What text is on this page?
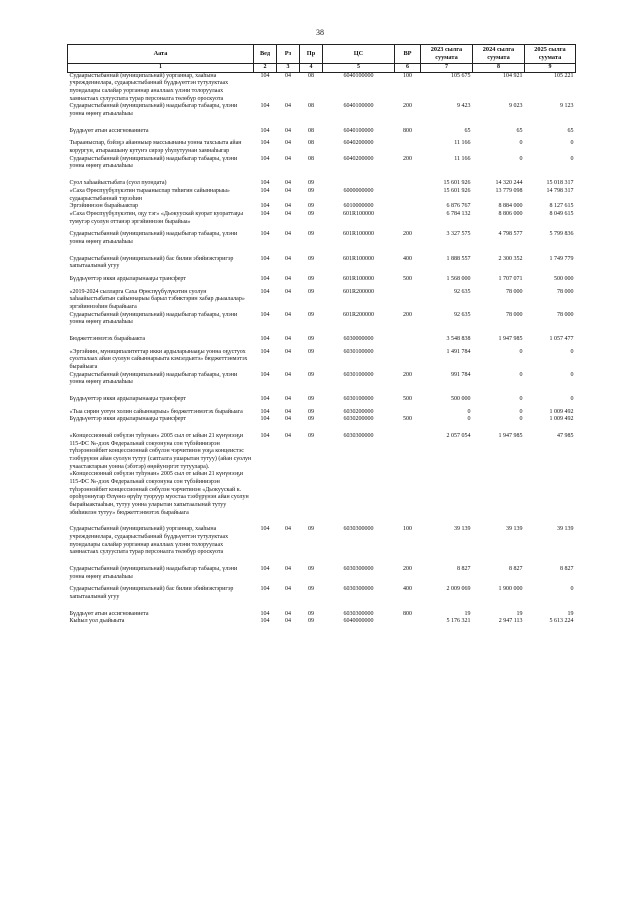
38
Аата	Вед	Рз	Пр	ЦС	ВР	2023 сылга суумата	2024 сылга суумата	2025 сылга суумата
1	2	3	4	5	6	7	8	9
Судаарыстыбаннай (муниципальнай) уорганнар, хааһына учреждениелара, судаарыстыбаннай бүддьүөттэн тутулуктаах пуондалары салайар уорганнар аналлаах үлэни толоруулаах хамнастаах сулууспата турар персоналга төлөбүр ороскуота	104	04	08	6040100000	100	105 675	104 921	105 221
Судаарыстыбаннай (муниципальнай) наадыбыгар табаары, үлэни уонна өңөнү атыылаһыы	104	04	08	6040100000	200	9 423	9 023	9 123

Бүддьүөт атын ассигнованиета	104	04	08	6040100000	800	65	65	65

Тырааныспар, бэйэҕэ айанныыр массыынаны уонна тахсыыта айан корургун, атыраашыну кутуҥэ сирэр уһулутуунан хамнаһыгар	104	04	08	6040200000		11 166	0	0
Судаарыстыбаннай (муниципальнай) наадыбыгар табаары, үлэни уонна өңөнү атыылаһыы	104	04	08	6040200000	200	11 166	0	0

Суол хаһаайыстыбата (суол пуондата)	104	04	09			15 601 926	14 320 244	15 018 317
«Саха Өрөспүүбүлүкэтин тырааныспар тиһигин сайыннарыы» судаарыстыбаннай тэрээһин	104	04	09	6000000000		15 601 926	13 779 098	14 798 317
Эргэйиннээн бырайыактар	104	04	09	6010000000		6 876 767	8 884 000	8 127 615
«Саха Өрөспүүбүлүкэтин, оҕу тэг» «Дьокуускай куорат куораттаҕы тумугэр суолун оттанэр эргэйиннээн бырайыа»	104	04	09	601R100000		6 784 132	8 806 000	8 049 615

Судаарыстыбаннай (муниципальнай) наадыбыгар табаары, үлэни уонна өңөнү атыылаһыы	104	04	09	601R100000	200	3 327 575	4 798 577	5 799 836

Судаарыстыбаннай (муниципальнай) бас билии эбийиэктэригэр хапытаалынай угуу	104	04	09	601R100000	400	1 888 557	2 300 352	1 749 779

Бүддьүөттэр икки ардыларынааҕы трансферт	104	04	09	601R100000	500	1 568 000	1 707 071	500 000

«2019-2024 сылларга Саха Өрөспүүбүлүкэтин суолун хаһаайыстыбатын сайыннарыы барыл тэбиктэрин хабар дьыалалар» эргэйиннээһин бырайыага	104	04	09	601R200000		92 635	78 000	78 000
Судаарыстыбаннай (муниципальнай) наадыбыгар табаары, үлэни уонна өңөнү атыылаһыы	104	04	09	601R200000	200	92 635	78 000	78 000

Бюджеттэнмэтэх бырайыакта	104	04	09	6030000000		3 548 838	1 947 985	1 057 477

«Эргэйиин, муниципалитеттар икки ардыларынааҕы уонна оҕустуох суолталаах айан суолун сайыннарыыта кэмэлдьитэ» бюджеттэнмэтэх бырайыага	104	04	09	6030100000		1 491 784	0	0
Судаарыстыбаннай (муниципальнай) наадыбыгар табаары, үлэни уонна өңөнү атыылаһыы	104	04	09	6030100000	200	991 784	0	0

Бүддьүөттэр икки ардыларынааҕы трансферт	104	04	09	6030100000	500	500 000	0	0

«Тыа сирин уотун холин сайыннарыы» бюджеттэнмэтэх бырайыага	104	04	09	6030200000		0	0	1 009 492
Бүддьүөттэр икки ардыларынааҕы трансферт	104	04	09	6030200000	500	0	0	1 009 492

«Концессионнай сөбүлэн туһунан» 2005 сыл от ыйын 21 күнүнээҕи 115-ФС №-дээх Федеральнай сокуонуна сон түбэйиниэрэн түһэрэннэйбит концессионнай сөбүлэн чэрчитинэн уоҕа концеистэс тээбүрүнэн айан суолун тутуу (сапталга ушарытан тутуу) (айан суолун учаастактарын уонна (эбэтэр) өңөйунэргэт тутуулара). «Концессионнай сөбүлэн туһунан» 2005 сыл от ыйын 21 күнүнээҕи 115-ФС №-дээх Федеральнай сокуонуна сон түбэйиниэрэн түһэрэннэйбит концессионнай сөбүлэн чэрчитинэн «Дьокуускай к. ороһүоннугар Өлүөнэ өрүһү туоруур муостаа тээбүрүнэн айан суолун бырайыактааһын, тутуу уонна уларытан хапытаалынай тутуу эбиһиилэн тутуу» бюджеттэнмэтэх бырайыага	104	04	09	6030300000		2 057 054	1 947 985	47 985

Судаарыстыбаннай (муниципальнай) уорганнар, хааһына учреждениелара, судаарыстыбаннай бүддьүөттэн тутулуктаах пуондалары салайар уорганнар аналлаах үлэни толоруулаах хамнастаах сулууспата турар персоналга төлөбүр ороскуота	104	04	09	6030300000	100	39 139	39 139	39 139

Судаарыстыбаннай (муниципальнай) наадыбыгар табаары, үлэни уонна өңөнү атыылаһыы	104	04	09	6030300000	200	8 827	8 827	8 827

Судаарыстыбаннай (муниципальнай) бас билии эбийиэктэригэр хапытаалынай угуу	104	04	09	6030300000	400	2 009 069	1 900 000	0

Бүддьүөт атын ассигнованиета	104	04	09	6030300000	800	19	19	19
Кыһыл уол дьайыыта	104	04	09	6040000000		5 176 321	2 947 113	5 613 224
